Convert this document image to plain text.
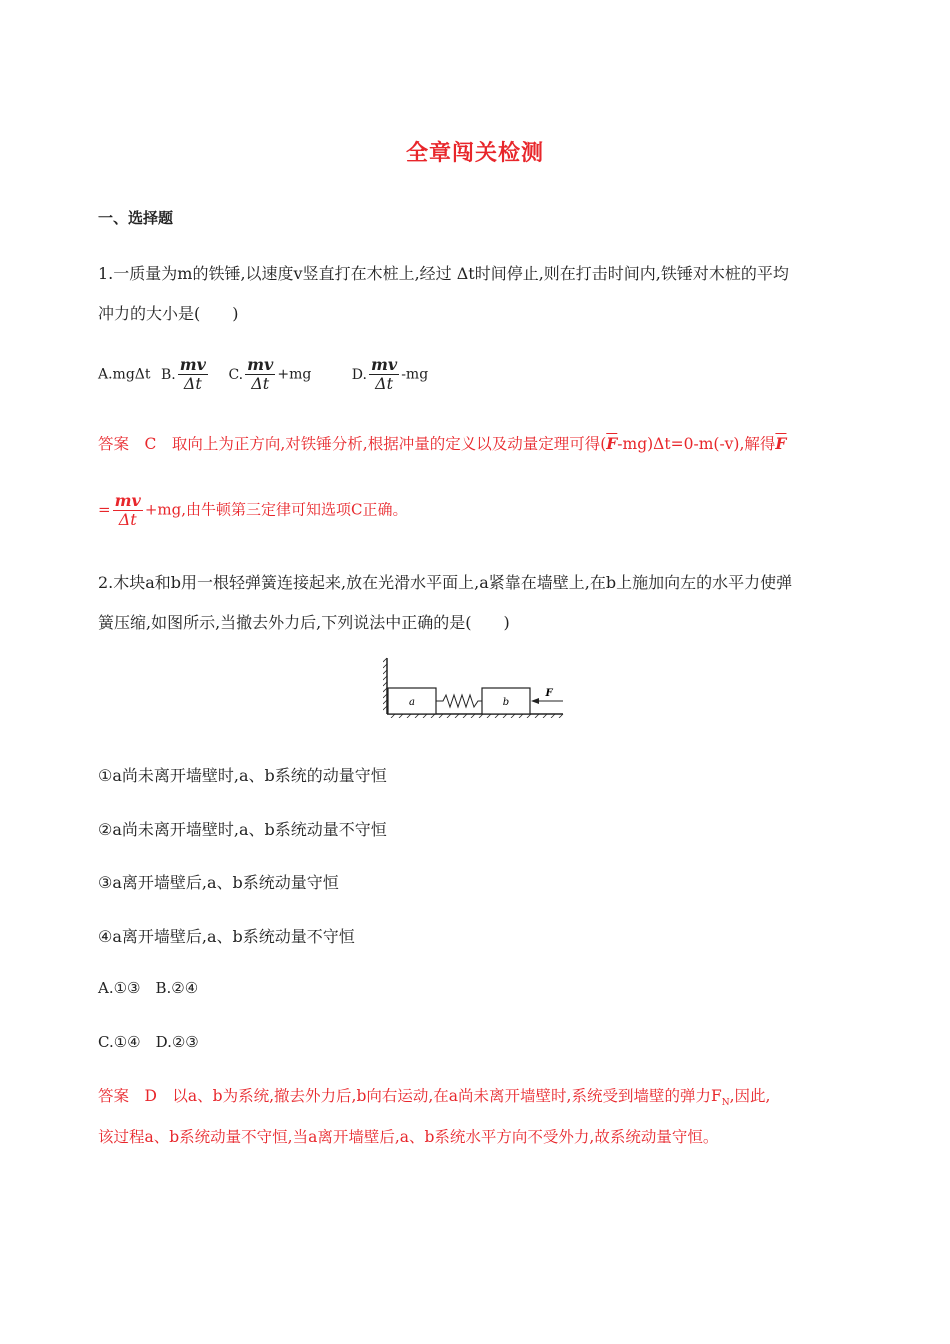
全章闯关检测
一、选择题
1.一质量为m的铁锤,以速度v竖直打在木桩上,经过 Δt时间停止,则在打击时间内,铁锤对木桩的平均
冲力的大小是(　　)
A.mgΔt B. $\frac{mv}{\Delta t} C$. $\frac{mv}{\Delta t} +mg$	D. $\frac{mv}{\Delta t} -mg$
答案　C　取向上为正方向,对铁锤分析,根据冲量的定义以及动量定理可得$(\overline{F}-mg)\Delta t=0-m(-v)$,解得$\overline{F}$
= $\frac{mv}{\Delta t} +mg$,由牛顿第三定律可知选项C正确。
2.木块a和b用一根轻弹簧连接起来,放在光滑水平面上,a紧靠在墙壁上,在b上施加向左的水平力使弹
簧压缩,如图所示,当撤去外力后,下列说法中正确的是(　　)
a	b
F
①a尚未离开墙壁时,a、b系统的动量守恒
②a尚未离开墙壁时,a、b系统动量不守恒
③a离开墙壁后,a、b系统动量守恒
④a离开墙壁后,a、b系统动量不守恒
A.①③　B.②④
C.①④　D.②③
答案　D　以a、b为系统,撤去外力后,b向右运动,在a尚未离开墙壁时,系统受到墙壁的弹力$F_N$,因此,
该过程a、b系统动量不守恒,当a离开墙壁后,a、b系统水平方向不受外力,故系统动量守恒。
